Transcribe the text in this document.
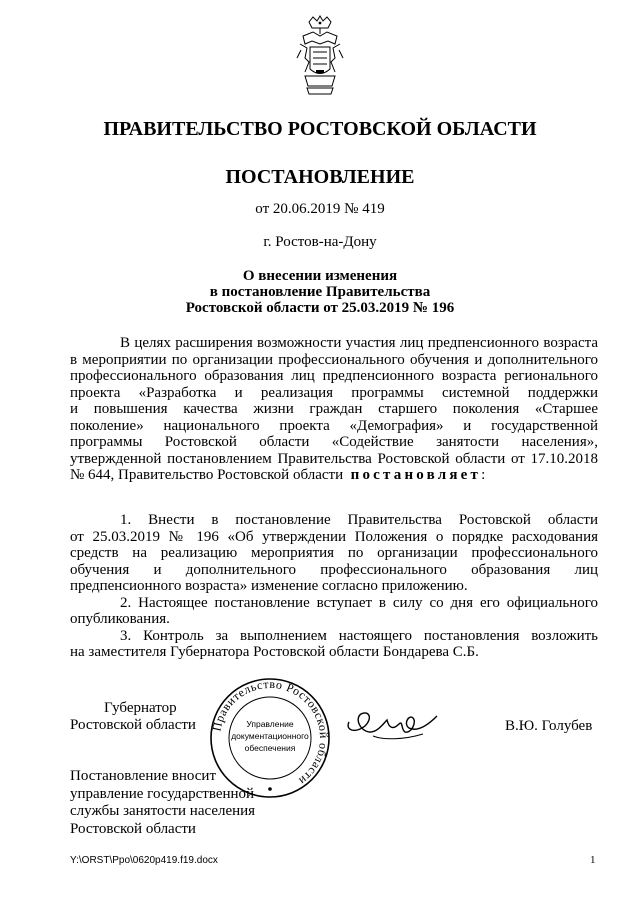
ПРАВИТЕЛЬСТВО РОСТОВСКОЙ ОБЛАСТИ
ПОСТАНОВЛЕНИЕ
от 20.06.2019 № 419
г. Ростов-на-Дону
О внесении изменения
в постановление Правительства
Ростовской области от 25.03.2019 № 196
В целях расширения возможности участия лиц предпенсионного возраста
в мероприятии по организации профессионального обучения и дополнительного
профессионального образования лиц предпенсионного возраста регионального
проекта «Разработка и реализация программы системной поддержки
и повышения качества жизни граждан старшего поколения «Старшее
поколение» национального проекта «Демография» и государственной
программы Ростовской области «Содействие занятости населения»,
утвержденной постановлением Правительства Ростовской области от 17.10.2018
№ 644, Правительство Ростовской области постановляет:
1. Внести в постановление Правительства Ростовской области
от 25.03.2019 № 196 «Об утверждении Положения о порядке расходования
средств на реализацию мероприятия по организации профессионального
обучения и дополнительного профессионального образования лиц
предпенсионного возраста» изменение согласно приложению.
2. Настоящее постановление вступает в силу со дня его официального
опубликования.
3. Контроль за выполнением настоящего постановления возложить
на заместителя Губернатора Ростовской области Бондарева С.Б.
Губернатор
Ростовской области Правительство Ростовской области
Управление
документационного
обеспечения
В.Ю. Голубев
Постановление вносит
управление государственной
службы занятости населения
Ростовской области
Y:\ORST\Ppo\0620p419.f19.docx	1
